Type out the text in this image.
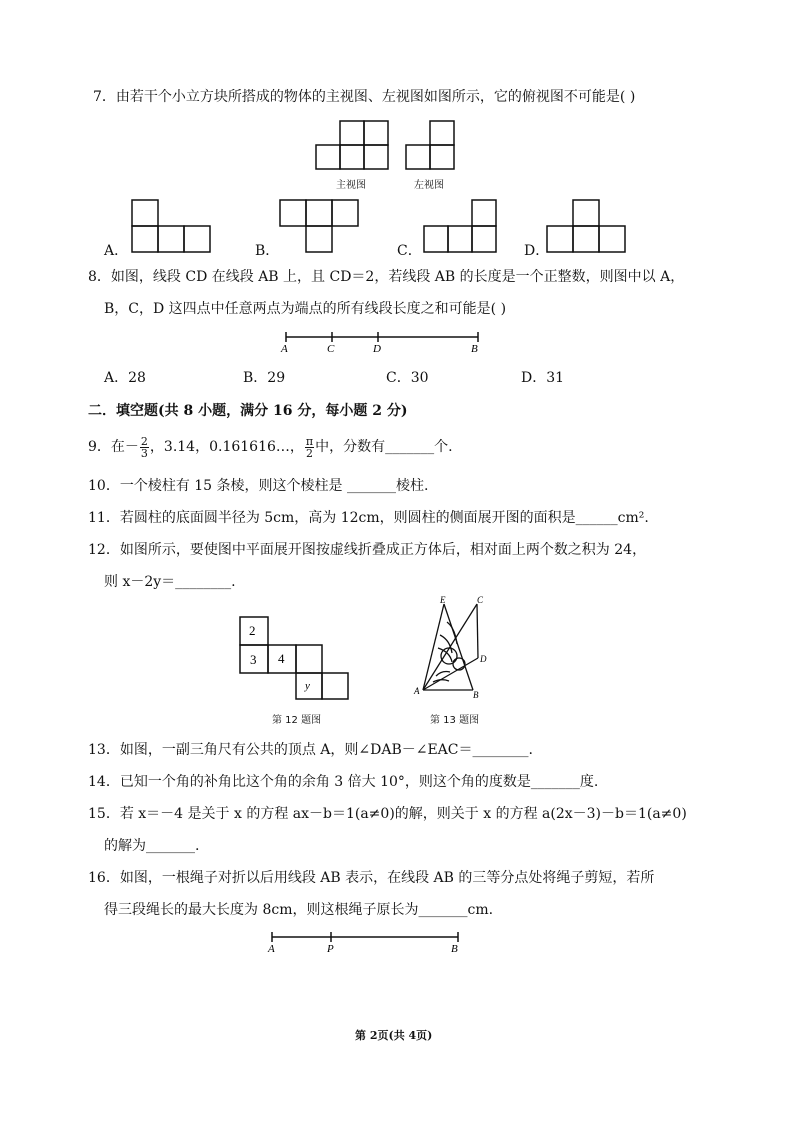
7．由若干个小立方块所搭成的物体的主视图、左视图如图所示，它的俯视图不可能是( )
主视图	左视图
A．	B．	C．	D．
8．如图，线段 CD 在线段 AB 上，且 CD＝2，若线段 AB 的长度是一个正整数，则图中以 A，
B，C，D 这四点中任意两点为端点的所有线段长度之和可能是( )
A	C	D	B
A．28	B．29	C．30	D．31
二．填空题(共 8 小题，满分 16 分，每小题 2 分)
9．在－ $\frac{2}{3}$ ，3.14，0.161616…， $\frac{\pi}{2}$ 中，分数有_______个.
10．一个棱柱有 15 条棱，则这个棱柱是 _______棱柱.
11．若圆柱的底面圆半径为 5cm，高为 12cm，则圆柱的侧面展开图的面积是______cm².
12．如图所示，要使图中平面展开图按虚线折叠成正方体后，相对面上两个数之积为 24，
则 x－2y＝________.
2
3 4
y
第 12 题图
E	C
D
A	B
第 13 题图
13．如图，一副三角尺有公共的顶点 A，则∠DAB－∠EAC＝________.
14．已知一个角的补角比这个角的余角 3 倍大 10°，则这个角的度数是_______度.
15．若 x＝－4 是关于 x 的方程 ax－b＝1(a≠0)的解，则关于 x 的方程 a(2x－3)－b＝1(a≠0)
的解为_______.
16．如图，一根绳子对折以后用线段 AB 表示，在线段 AB 的三等分点处将绳子剪短，若所
得三段绳长的最大长度为 8cm，则这根绳子原长为_______cm.
A	P	B
第 2页(共 4页)
